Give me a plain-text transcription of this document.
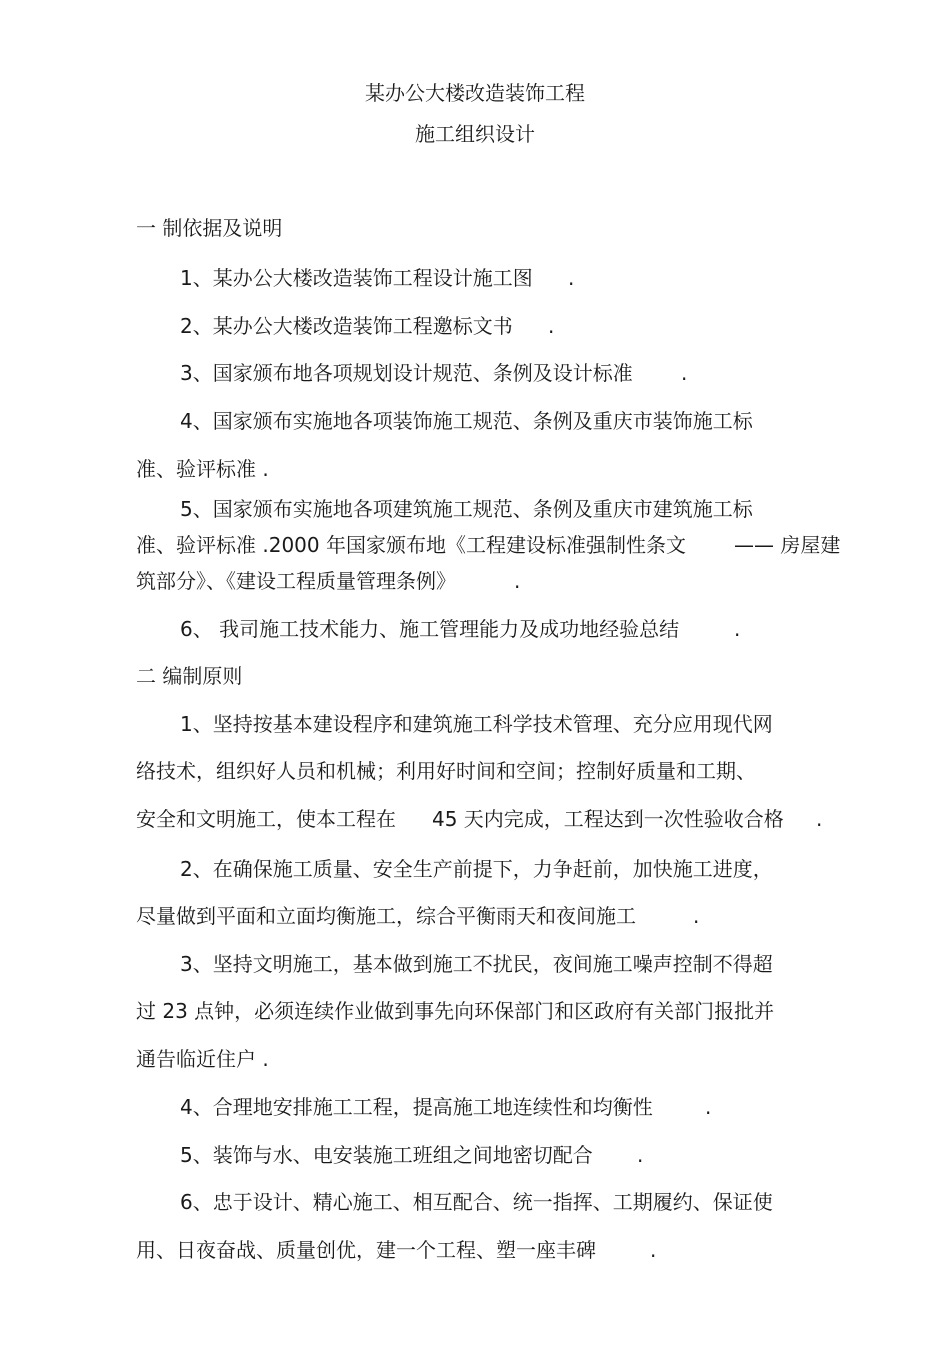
某办公大楼改造装饰工程
施工组织设计
一 制依据及说明
1、某办公大楼改造装饰工程设计施工图 .
2、某办公大楼改造装饰工程邀标文书 .
3、国家颁布地各项规划设计规范、条例及设计标准 .
4、国家颁布实施地各项装饰施工规范、条例及重庆市装饰施工标
准、验评标准 .
5、国家颁布实施地各项建筑施工规范、条例及重庆市建筑施工标
准、验评标准 .2000 年国家颁布地《工程建设标准强制性条文 —— 房屋建
筑部分》、《建设工程质量管理条例》	.
6、 我司施工技术能力、施工管理能力及成功地经验总结	.
二 编制原则
1、坚持按基本建设程序和建筑施工科学技术管理、充分应用现代网
络技术，组织好人员和机械；利用好时间和空间；控制好质量和工期、
安全和文明施工，使本工程在 45 天内完成，工程达到一次性验收合格 .
2、在确保施工质量、安全生产前提下，力争赶前，加快施工进度，
尽量做到平面和立面均衡施工，综合平衡雨天和夜间施工	.
3、坚持文明施工，基本做到施工不扰民，夜间施工噪声控制不得超
过 23 点钟，必须连续作业做到事先向环保部门和区政府有关部门报批并
通告临近住户 .
4、合理地安排施工工程，提高施工地连续性和均衡性	.
5、装饰与水、电安装施工班组之间地密切配合 .
6、忠于设计、精心施工、相互配合、统一指挥、工期履约、保证使
用、日夜奋战、质量创优，建一个工程、塑一座丰碑	.
